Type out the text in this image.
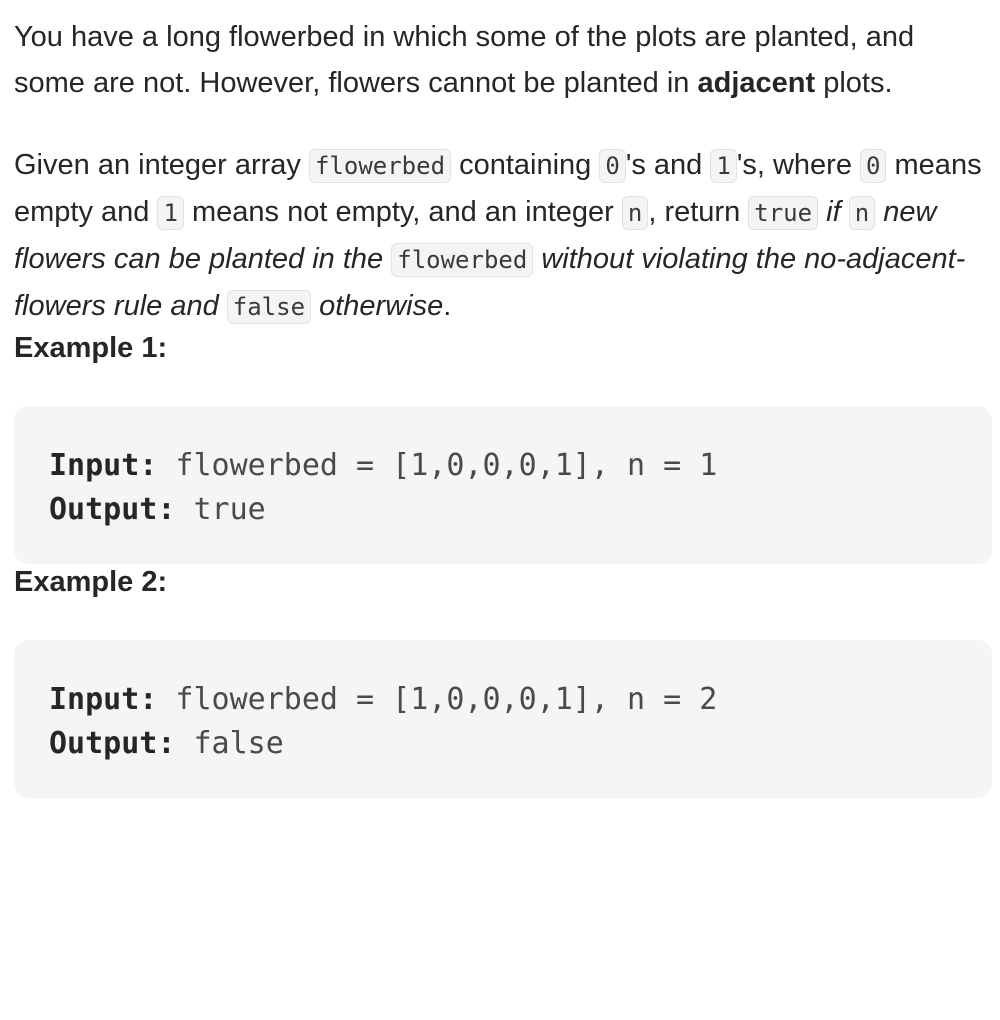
You have a long flowerbed in which some of the plots are planted, and some are not. However, flowers cannot be planted in adjacent plots.

Given an integer array flowerbed containing 0 's and 1 's, where 0 means empty and 1 means not empty, and an integer n , return true if n new flowers can be planted in the flowerbed without violating the no-adjacent-flowers rule and false otherwise.

Example 1:
Input: flowerbed = [1,0,0,0,1], n = 1
Output: true
Example 2:
Input: flowerbed = [1,0,0,0,1], n = 2
Output: false
